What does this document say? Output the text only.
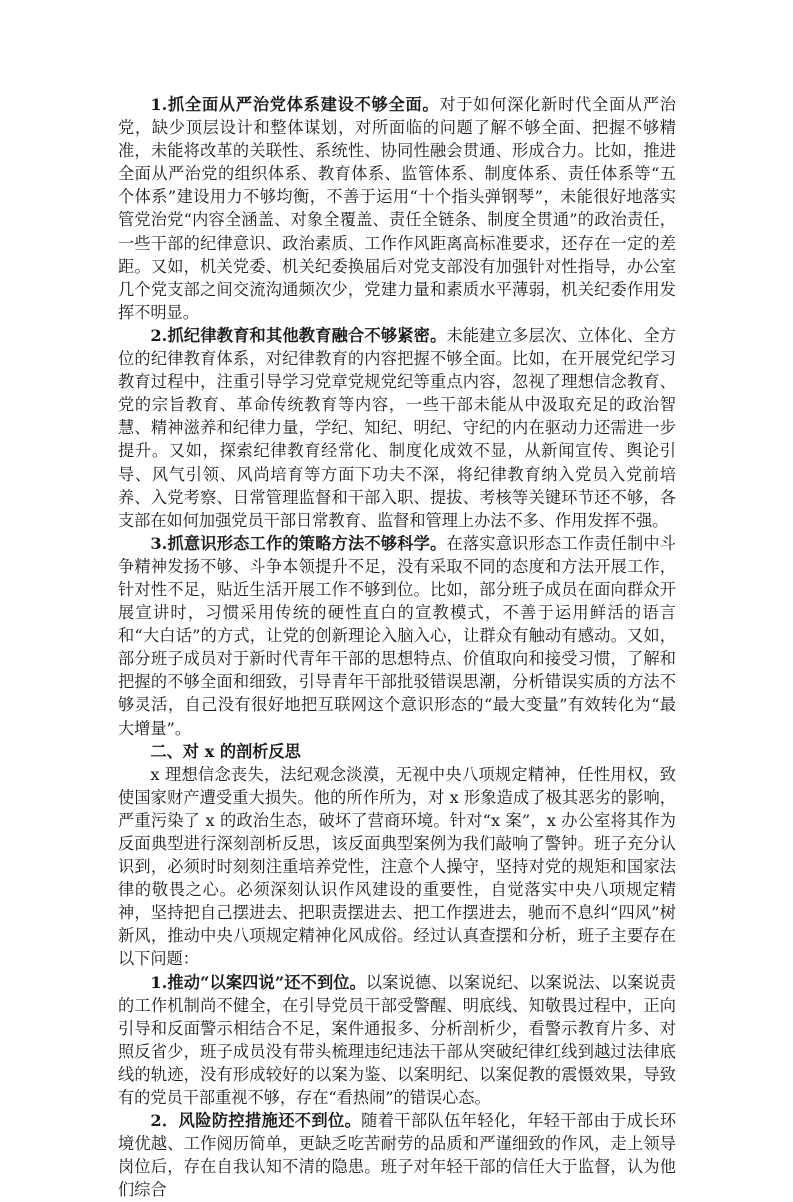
1.抓全面从严治党体系建设不够全面。对于如何深化新时代全面从严治党，缺少顶层设计和整体谋划，对所面临的问题了解不够全面、把握不够精准，未能将改革的关联性、系统性、协同性融会贯通、形成合力。比如，推进全面从严治党的组织体系、教育体系、监管体系、制度体系、责任体系等“五个体系”建设用力不够均衡，不善于运用“十个指头弹钢琴”，未能很好地落实管党治党“内容全涵盖、对象全覆盖、责任全链条、制度全贯通”的政治责任，一些干部的纪律意识、政治素质、工作作风距离高标准要求，还存在一定的差距。又如，机关党委、机关纪委换届后对党支部没有加强针对性指导，办公室几个党支部之间交流沟通频次少，党建力量和素质水平薄弱，机关纪委作用发挥不明显。

2.抓纪律教育和其他教育融合不够紧密。未能建立多层次、立体化、全方位的纪律教育体系，对纪律教育的内容把握不够全面。比如，在开展党纪学习教育过程中，注重引导学习党章党规党纪等重点内容，忽视了理想信念教育、党的宗旨教育、革命传统教育等内容，一些干部未能从中汲取充足的政治智慧、精神滋养和纪律力量，学纪、知纪、明纪、守纪的内在驱动力还需进一步提升。又如，探索纪律教育经常化、制度化成效不显，从新闻宣传、舆论引导、风气引领、风尚培育等方面下功夫不深，将纪律教育纳入党员入党前培养、入党考察、日常管理监督和干部入职、提拔、考核等关键环节还不够，各支部在如何加强党员干部日常教育、监督和管理上办法不多、作用发挥不强。

3.抓意识形态工作的策略方法不够科学。在落实意识形态工作责任制中斗争精神发扬不够、斗争本领提升不足，没有采取不同的态度和方法开展工作，针对性不足，贴近生活开展工作不够到位。比如，部分班子成员在面向群众开展宣讲时，习惯采用传统的硬性直白的宣教模式，不善于运用鲜活的语言和“大白话”的方式，让党的创新理论入脑入心，让群众有触动有感动。又如，部分班子成员对于新时代青年干部的思想特点、价值取向和接受习惯，了解和把握的不够全面和细致，引导青年干部批驳错误思潮，分析错误实质的方法不够灵活，自己没有很好地把互联网这个意识形态的“最大变量”有效转化为“最大增量”。

二、对 x 的剖析反思

x 理想信念丧失，法纪观念淡漠，无视中央八项规定精神，任性用权，致使国家财产遭受重大损失。他的所作所为，对 x 形象造成了极其恶劣的影响，严重污染了 x 的政治生态，破坏了营商环境。针对“x 案”，x 办公室将其作为反面典型进行深刻剖析反思，该反面典型案例为我们敲响了警钟。班子充分认识到，必须时时刻刻注重培养党性，注意个人操守，坚持对党的规矩和国家法律的敬畏之心。必须深刻认识作风建设的重要性，自觉落实中央八项规定精神，坚持把自己摆进去、把职责摆进去、把工作摆进去，驰而不息纠“四风”树新风，推动中央八项规定精神化风成俗。经过认真查摆和分析，班子主要存在以下问题：

1.推动“以案四说”还不到位。以案说德、以案说纪、以案说法、以案说责的工作机制尚不健全，在引导党员干部受警醒、明底线、知敬畏过程中，正向引导和反面警示相结合不足，案件通报多、分析剖析少，看警示教育片多、对照反省少，班子成员没有带头梳理违纪违法干部从突破纪律红线到越过法律底线的轨迹，没有形成较好的以案为鉴、以案明纪、以案促教的震慑效果，导致有的党员干部重视不够，存在“看热闹”的错误心态。

2．风险防控措施还不到位。随着干部队伍年轻化，年轻干部由于成长环境优越、工作阅历简单，更缺乏吃苦耐劳的品质和严谨细致的作风，走上领导岗位后，存在自我认知不清的隐患。班子对年轻干部的信任大于监督，认为他们综合
